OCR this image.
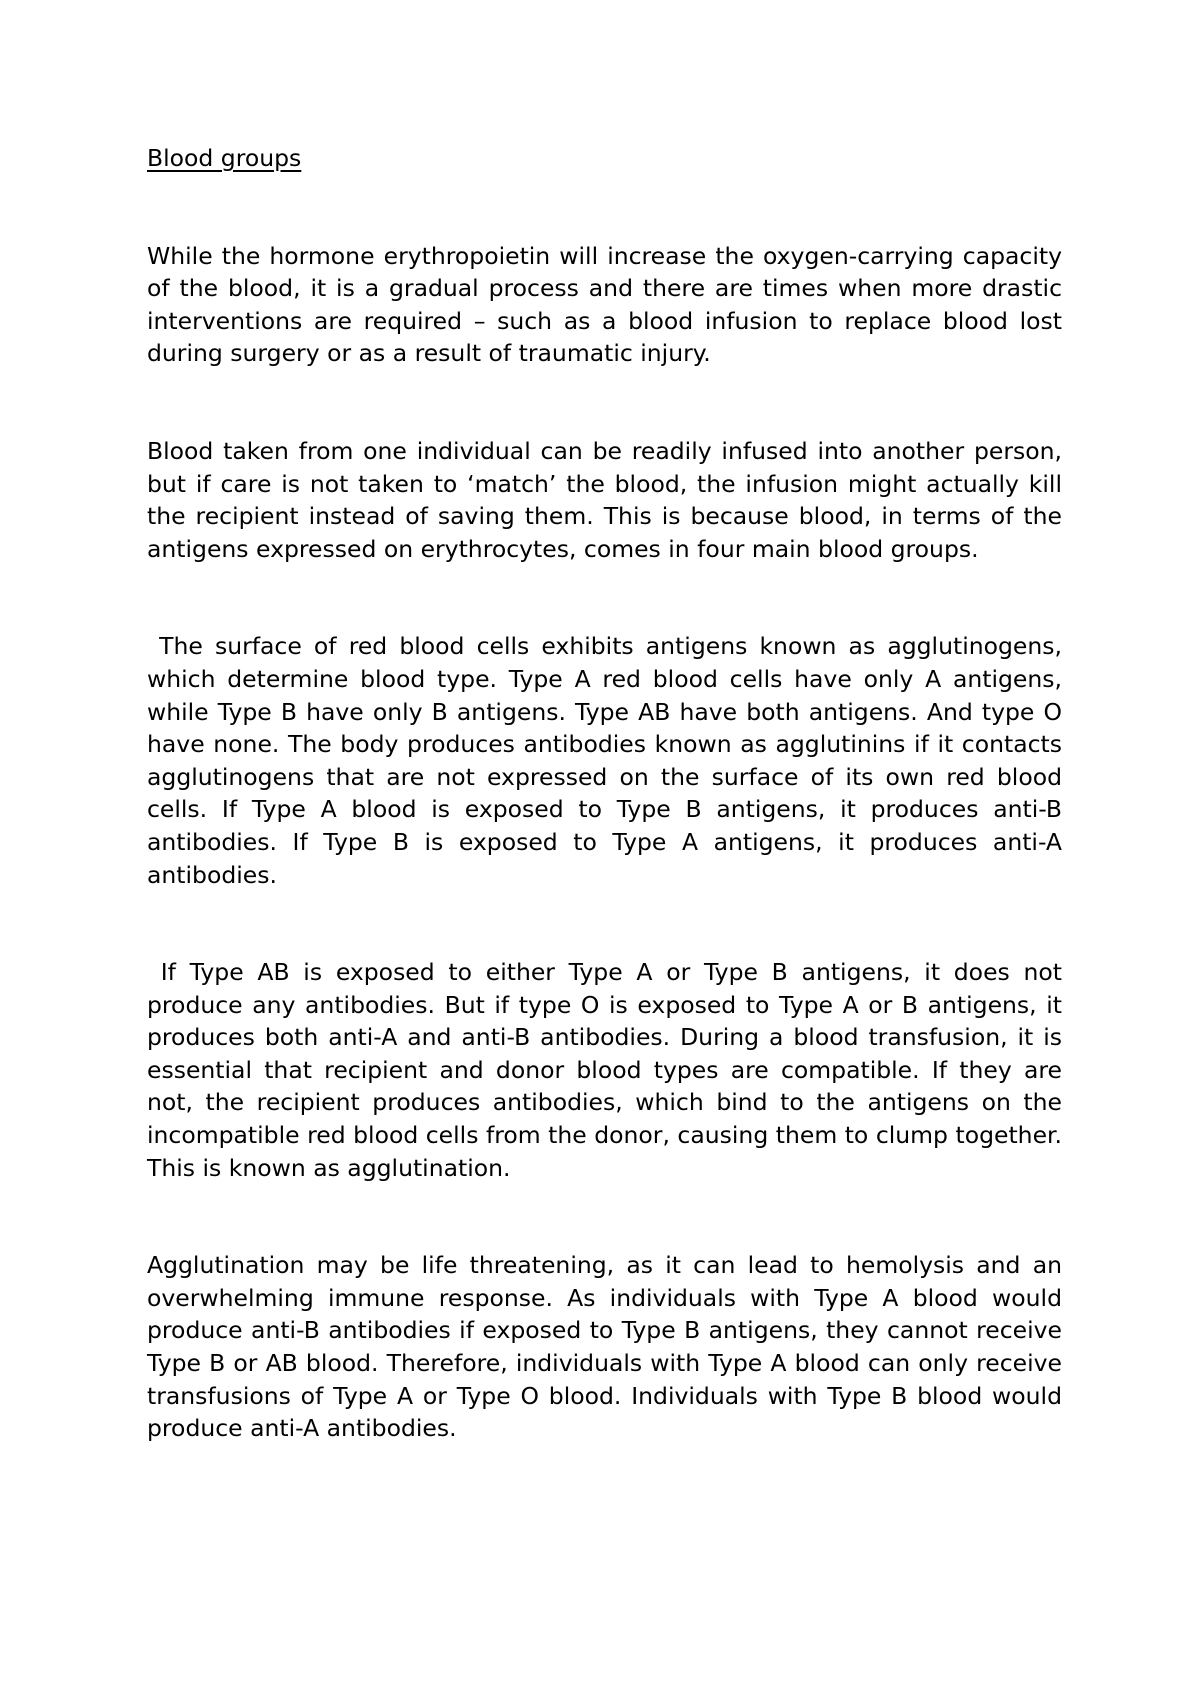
Blood groups

While the hormone erythropoietin will increase the oxygen-carrying capacity of the blood, it is a gradual process and there are times when more drastic interventions are required – such as a blood infusion to replace blood lost during surgery or as a result of traumatic injury.

Blood taken from one individual can be readily infused into another person, but if care is not taken to ‘match’ the blood, the infusion might actually kill the recipient instead of saving them. This is because blood, in terms of the antigens expressed on erythrocytes, comes in four main blood groups.

The surface of red blood cells exhibits antigens known as agglutinogens, which determine blood type. Type A red blood cells have only A antigens, while Type B have only B antigens. Type AB have both antigens. And type O have none. The body produces antibodies known as agglutinins if it contacts agglutinogens that are not expressed on the surface of its own red blood cells. If Type A blood is exposed to Type B antigens, it produces anti-B antibodies. If Type B is exposed to Type A antigens, it produces anti-A antibodies.

If Type AB is exposed to either Type A or Type B antigens, it does not produce any antibodies. But if type O is exposed to Type A or B antigens, it produces both anti-A and anti-B antibodies. During a blood transfusion, it is essential that recipient and donor blood types are compatible. If they are not, the recipient produces antibodies, which bind to the antigens on the incompatible red blood cells from the donor, causing them to clump together. This is known as agglutination.

Agglutination may be life threatening, as it can lead to hemolysis and an overwhelming immune response. As individuals with Type A blood would produce anti-B antibodies if exposed to Type B antigens, they cannot receive Type B or AB blood. Therefore, individuals with Type A blood can only receive transfusions of Type A or Type O blood. Individuals with Type B blood would produce anti-A antibodies.
